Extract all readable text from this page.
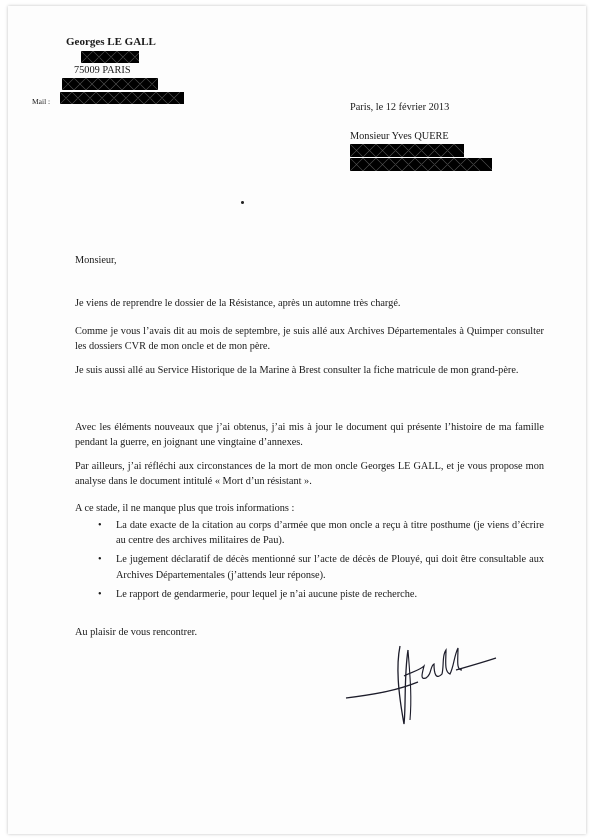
Georges LE GALL
75009 PARIS
Mail :
Paris, le 12 février 2013
Monsieur Yves QUERE
Monsieur,
Je viens de reprendre le dossier de la Résistance, après un automne très chargé.
Comme je vous l’avais dit au mois de septembre, je suis allé aux Archives Départementales à Quimper consulter les dossiers CVR de mon oncle et de mon père.
Je suis aussi allé au Service Historique de la Marine à Brest consulter la fiche matricule de mon grand-père.
Avec les éléments nouveaux que j’ai obtenus, j’ai mis à jour le document qui présente l’histoire de ma famille pendant la guerre, en joignant une vingtaine d’annexes.
Par ailleurs, j’ai réfléchi aux circonstances de la mort de mon oncle Georges LE GALL, et je vous propose mon analyse dans le document intitulé « Mort d’un résistant ».
A ce stade, il ne manque plus que trois informations :
• La date exacte de la citation au corps d’armée que mon oncle a reçu à titre posthume (je viens d’écrire au centre des archives militaires de Pau).
• Le jugement déclaratif de décès mentionné sur l’acte de décès de Plouyé, qui doit être consultable aux Archives Départementales (j’attends leur réponse).
• Le rapport de gendarmerie, pour lequel je n’ai aucune piste de recherche.
Au plaisir de vous rencontrer.
